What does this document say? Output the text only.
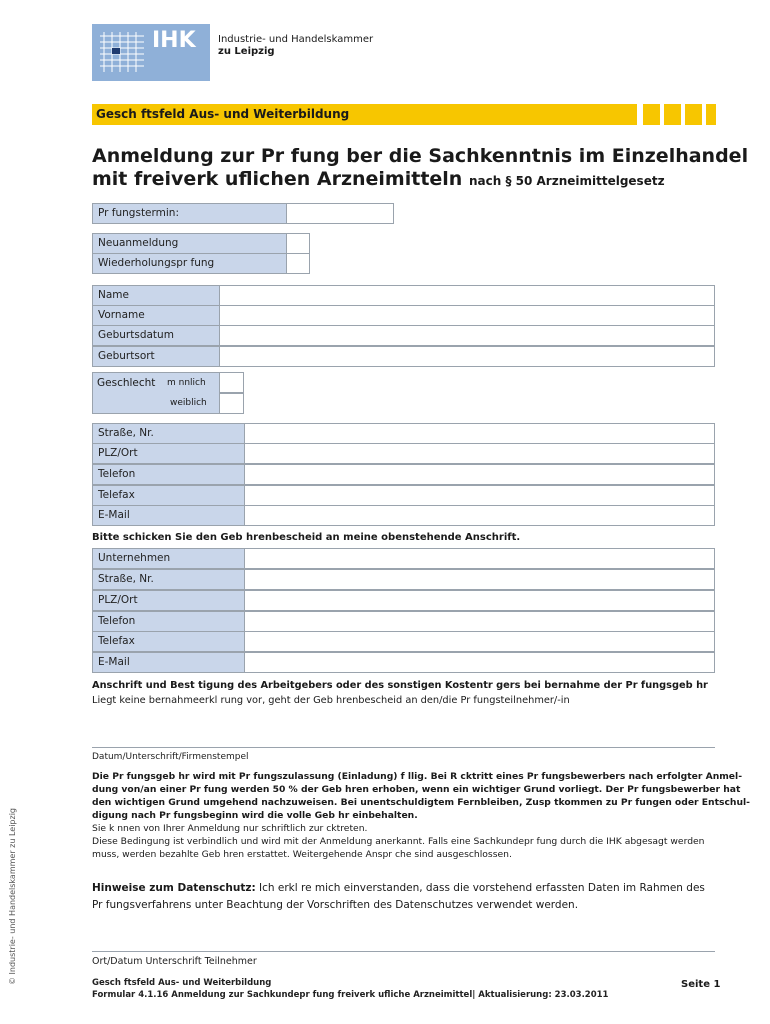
IHK Industrie- und Handelskammer
zu Leipzig
Gesch ftsfeld Aus- und Weiterbildung
Anmeldung zur Pr fung ber die Sachkenntnis im Einzelhandel
mit freiverk uflichen Arzneimitteln nach § 50 Arzneimittelgesetz
Pr fungstermin:
Neuanmeldung
Wiederholungspr fung
Name
Vorname
Geburtsdatum
Geburtsort
Geschlecht m nnlich
weiblich
Straße, Nr.
PLZ/Ort
Telefon
Telefax
E-Mail
Bitte schicken Sie den Geb hrenbescheid an meine obenstehende Anschrift.
Unternehmen
Straße, Nr.
PLZ/Ort
Telefon
Telefax
E-Mail
Anschrift und Best tigung des Arbeitgebers oder des sonstigen Kostentr gers bei bernahme der Pr fungsgeb hr
Liegt keine bernahmeerkl rung vor, geht der Geb hrenbescheid an den/die Pr fungsteilnehmer/-in
Datum/Unterschrift/Firmenstempel
Die Pr fungsgeb hr wird mit Pr fungszulassung (Einladung) f llig. Bei R cktritt eines Pr fungsbewerbers nach erfolgter Anmel-
dung von/an einer Pr fung werden 50 % der Geb hren erhoben, wenn ein wichtiger Grund vorliegt. Der Pr fungsbewerber hat
den wichtigen Grund umgehend nachzuweisen. Bei unentschuldigtem Fernbleiben, Zusp tkommen zu Pr fungen oder Entschul-
digung nach Pr fungsbeginn wird die volle Geb hr einbehalten.
Sie k nnen von Ihrer Anmeldung nur schriftlich zur cktreten.
Diese Bedingung ist verbindlich und wird mit der Anmeldung anerkannt. Falls eine Sachkundepr fung durch die IHK abgesagt werden
muss, werden bezahlte Geb hren erstattet. Weitergehende Anspr che sind ausgeschlossen.
Hinweise zum Datenschutz: Ich erkl re mich einverstanden, dass die vorstehend erfassten Daten im Rahmen des
Pr fungsverfahrens unter Beachtung der Vorschriften des Datenschutzes verwendet werden.
Ort/Datum Unterschrift Teilnehmer
Gesch ftsfeld Aus- und Weiterbildung
Formular 4.1.16 Anmeldung zur Sachkundepr fung freiverk ufliche Arzneimittel| Aktualisierung: 23.03.2011
Seite 1
© Industrie- und Handelskammer zu Leipzig
